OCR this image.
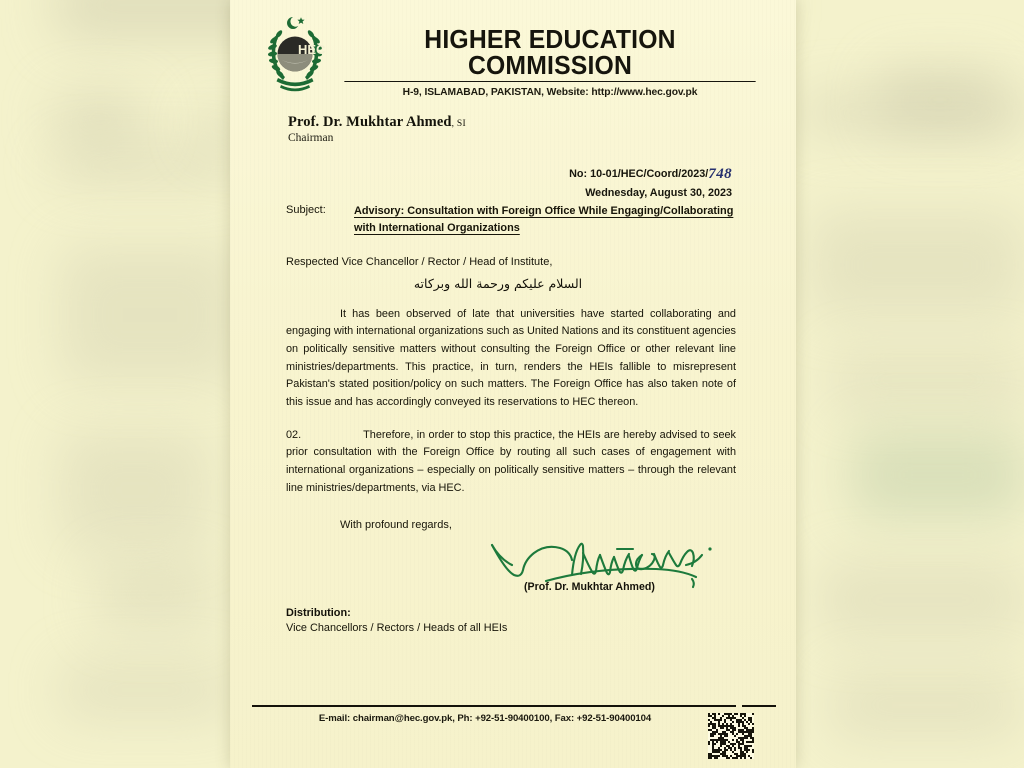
HEC	HIGHER EDUCATION COMMISSION
H-9, ISLAMABAD, PAKISTAN, Website: http://www.hec.gov.pk
Prof. Dr. Mukhtar Ahmed, SI
Chairman
No: 10-01/HEC/Coord/2023/748
Wednesday, August 30, 2023
Subject:	Advisory: Consultation with Foreign Office While Engaging/Collaborating with International Organizations
Respected Vice Chancellor / Rector / Head of Institute,
السلام عليكم ورحمة الله وبركاته
It has been observed of late that universities have started collaborating and engaging with international organizations such as United Nations and its constituent agencies on politically sensitive matters without consulting the Foreign Office or other relevant line ministries/departments. This practice, in turn, renders the HEIs fallible to misrepresent Pakistan's stated position/policy on such matters. The Foreign Office has also taken note of this issue and has accordingly conveyed its reservations to HEC thereon.
02.	Therefore, in order to stop this practice, the HEIs are hereby advised to seek prior consultation with the Foreign Office by routing all such cases of engagement with international organizations – especially on politically sensitive matters – through the relevant line ministries/departments, via HEC.
With profound regards,
(Prof. Dr. Mukhtar Ahmed)
Distribution:
Vice Chancellors / Rectors / Heads of all HEIs
E-mail: chairman@hec.gov.pk, Ph: +92-51-90400100, Fax: +92-51-90400104
